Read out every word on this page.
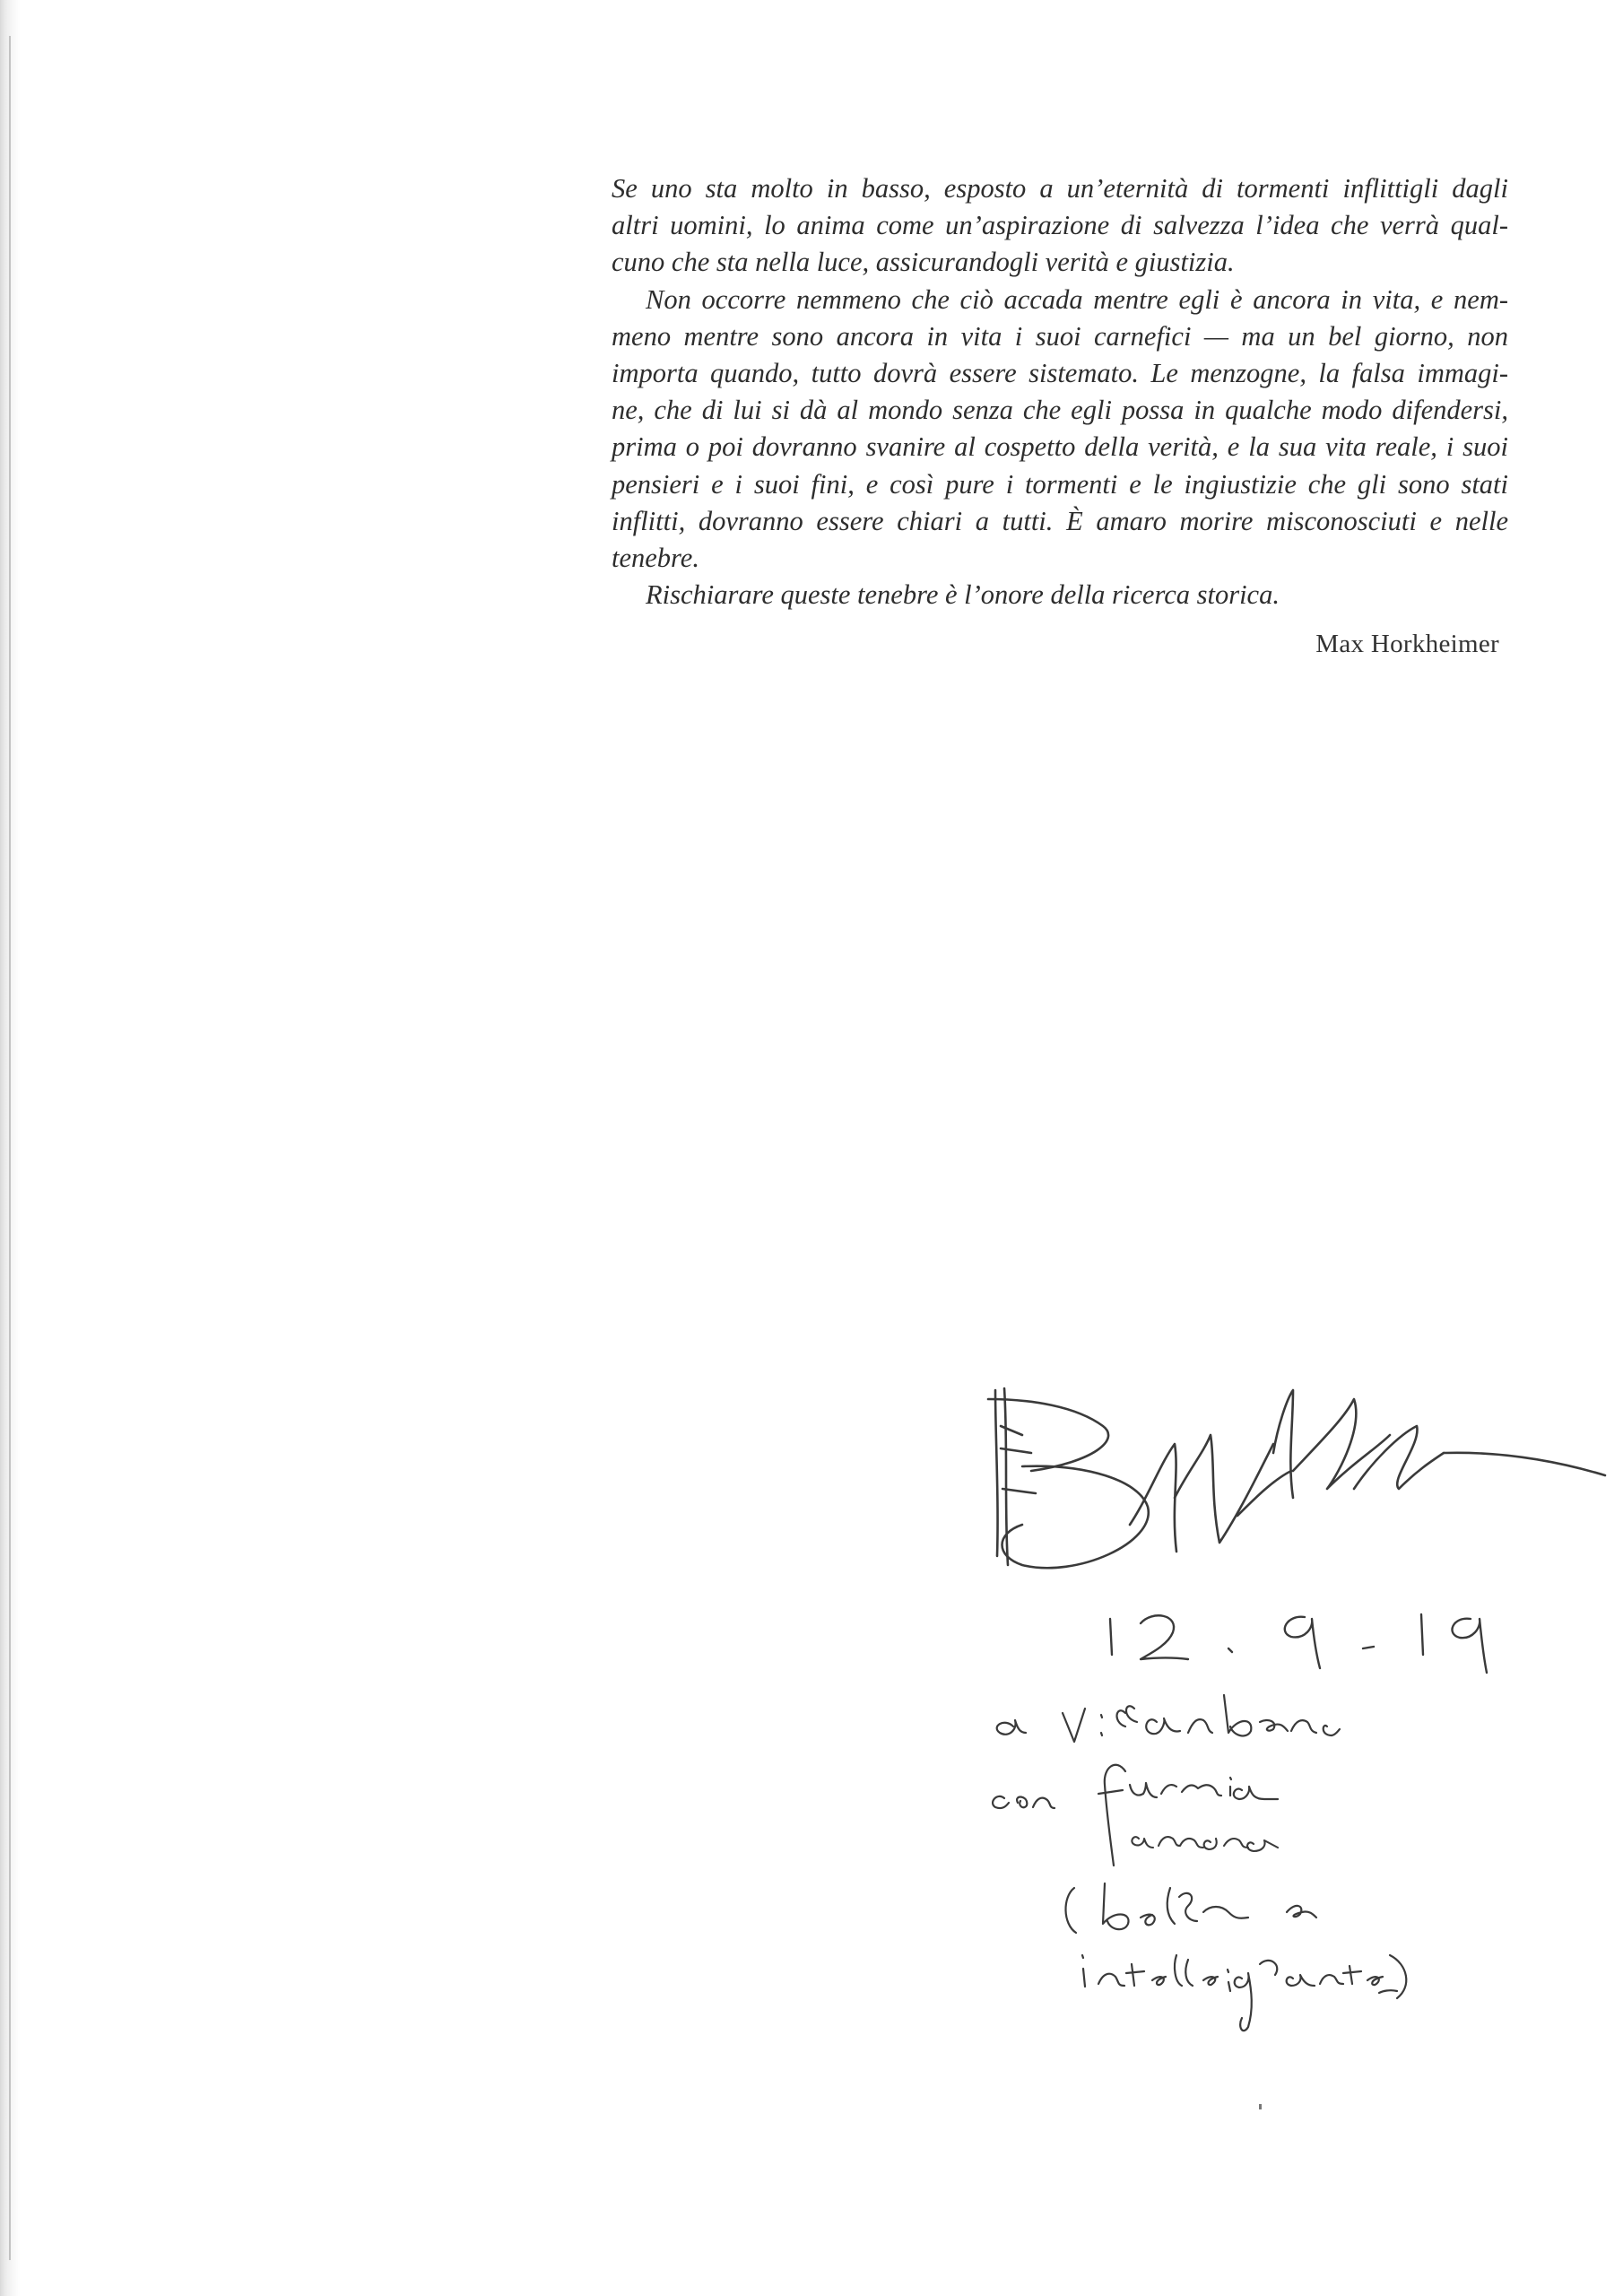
Se uno sta molto in basso, esposto a un’eternità di tormenti inflittigli dagli
altri uomini, lo anima come un’aspirazione di salvezza l’idea che verrà qual-
cuno che sta nella luce, assicurandogli verità e giustizia.

Non occorre nemmeno che ciò accada mentre egli è ancora in vita, e nem-
meno mentre sono ancora in vita i suoi carnefici — ma un bel giorno, non
importa quando, tutto dovrà essere sistemato. Le menzogne, la falsa immagi-
ne, che di lui si dà al mondo senza che egli possa in qualche modo difendersi,
prima o poi dovranno svanire al cospetto della verità, e la sua vita reale, i suoi
pensieri e i suoi fini, e così pure i tormenti e le ingiustizie che gli sono stati
inflitti, dovranno essere chiari a tutti. È amaro morire misconosciuti e nelle
tenebre.

Rischiarare queste tenebre è l’onore della ricerca storica.

Max Horkheimer
